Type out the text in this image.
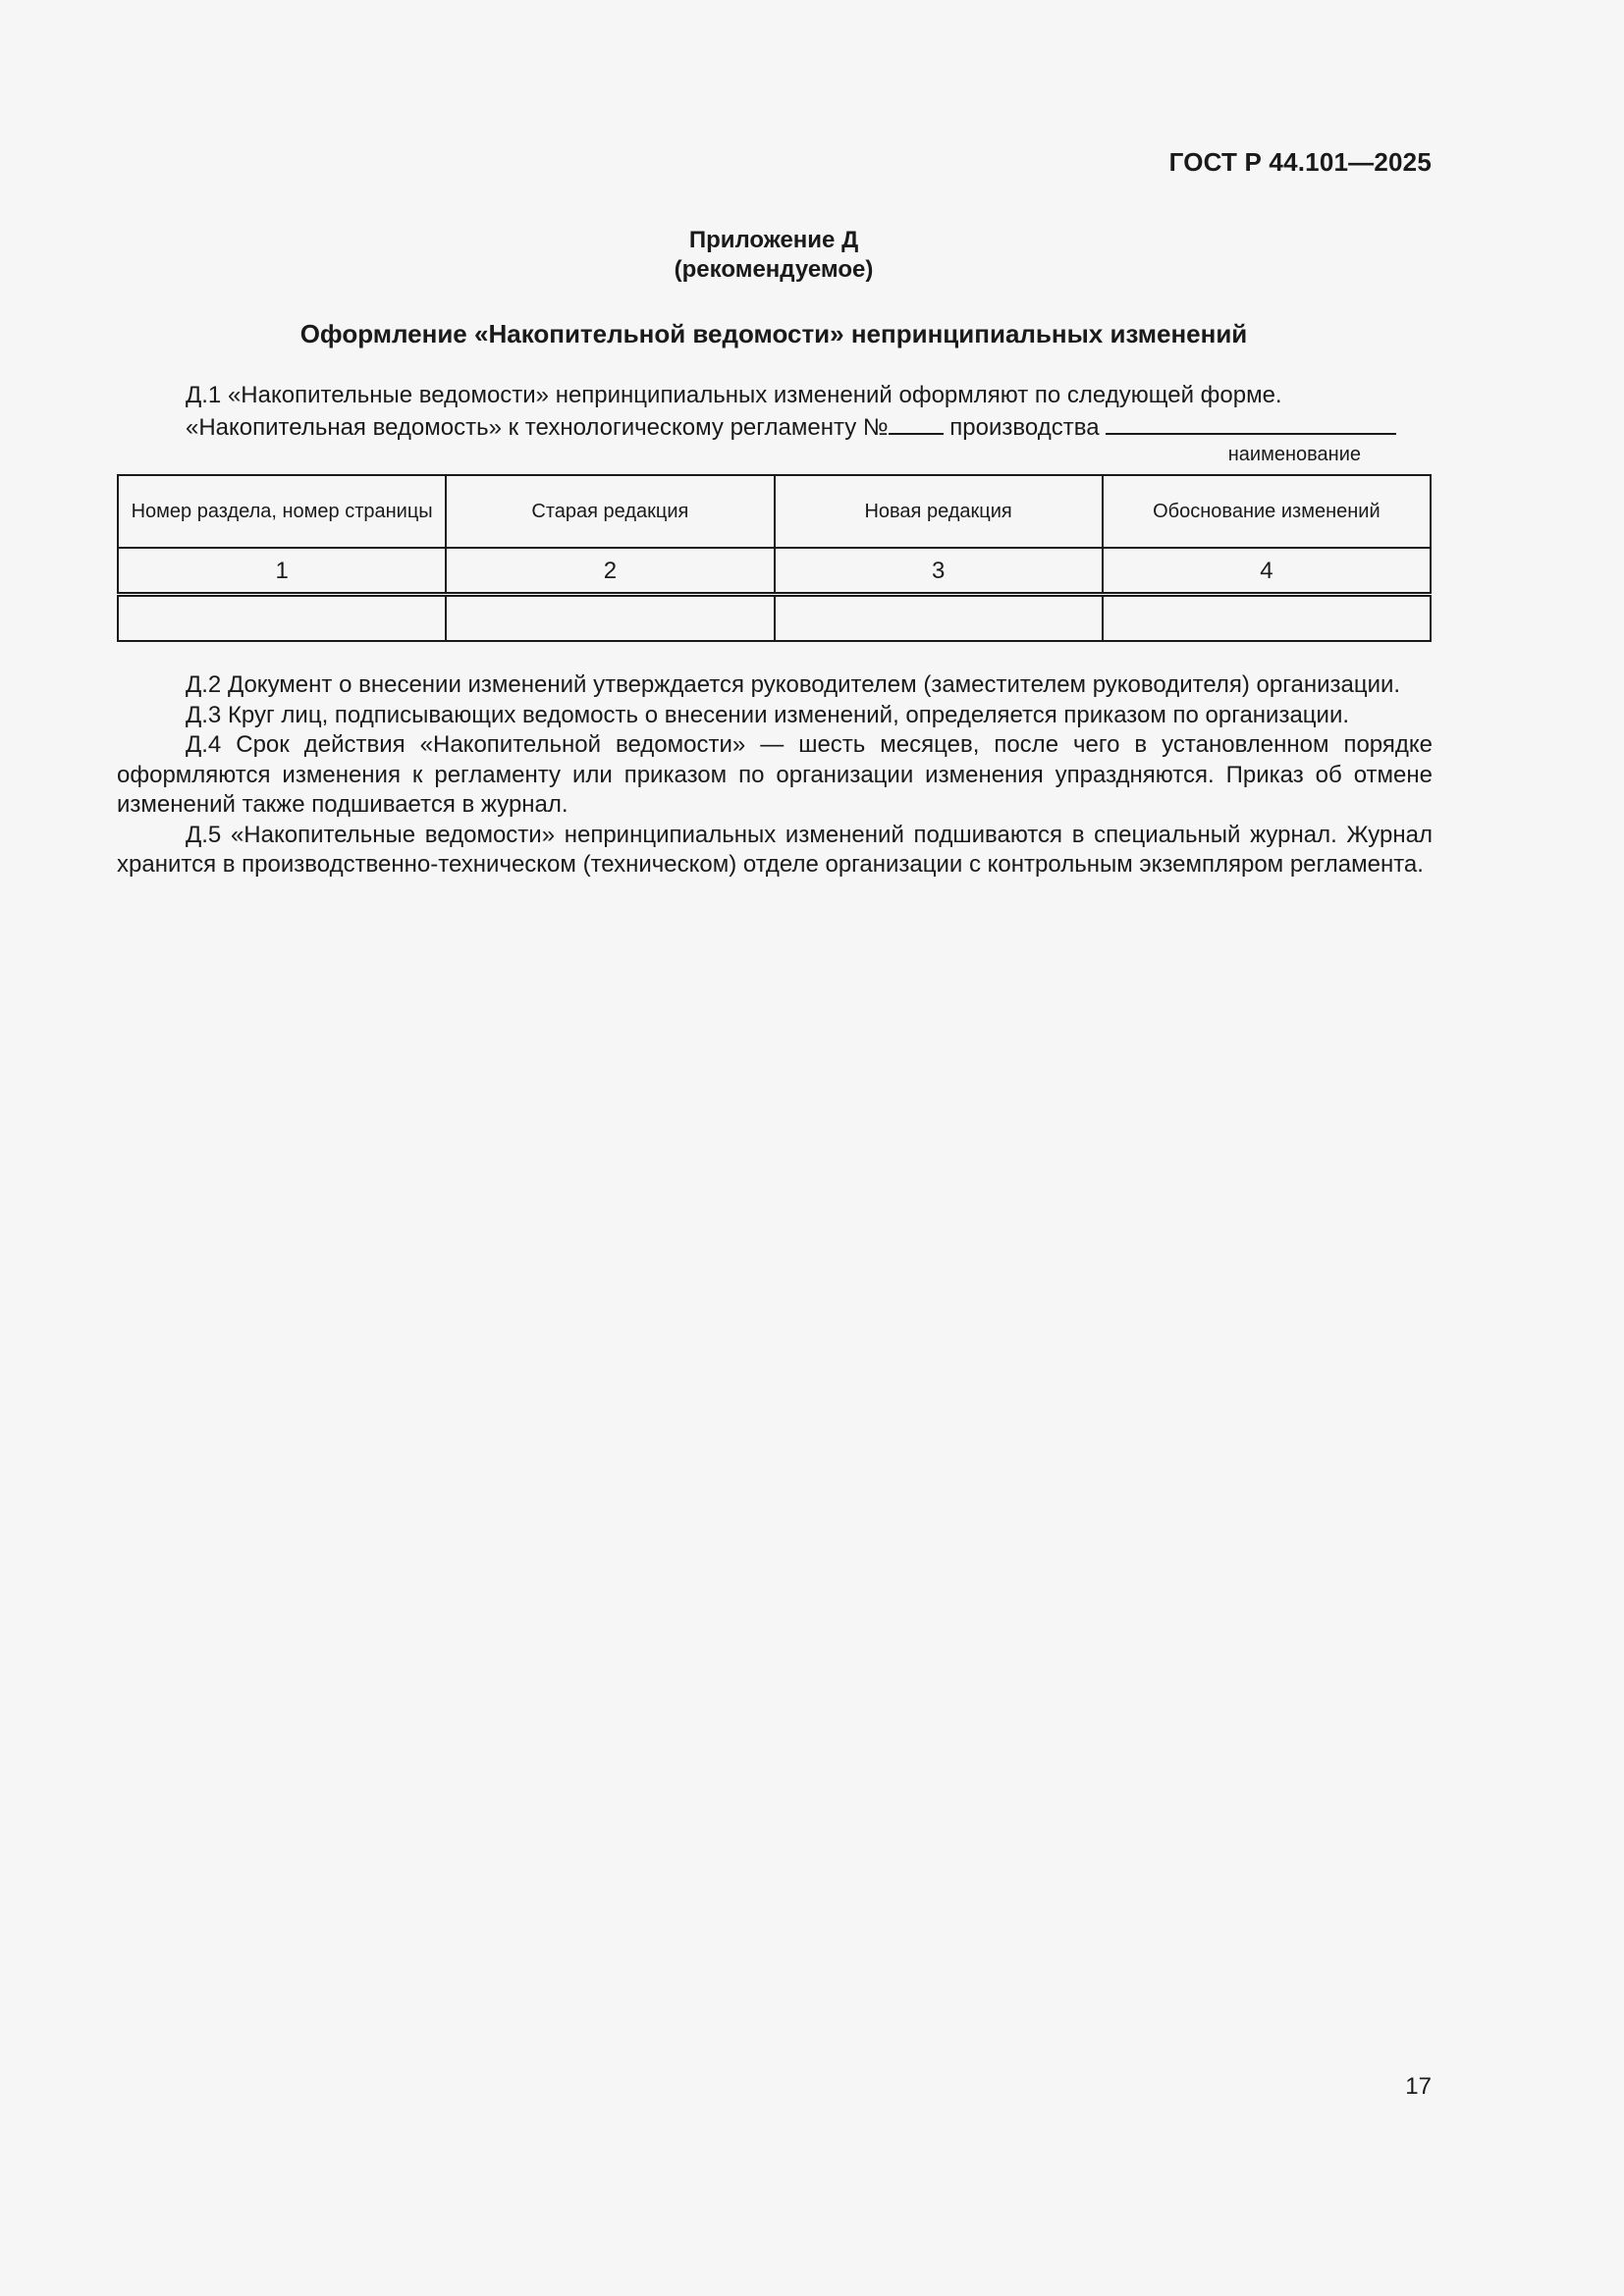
ГОСТ Р 44.101—2025
Приложение Д
(рекомендуемое)
Оформление «Накопительной ведомости» непринципиальных изменений

Д.1 «Накопительные ведомости» непринципиальных изменений оформляют по следующей форме.

«Накопительная ведомость» к технологическому регламенту № производства

наименование
Номер раздела, номер страницы	Старая редакция	Новая редакция	Обоснование изменений
1	2	3	4

Д.2 Документ о внесении изменений утверждается руководителем (заместителем руководителя) организации.

Д.3 Круг лиц, подписывающих ведомость о внесении изменений, определяется приказом по организации.

Д.4 Срок действия «Накопительной ведомости» — шесть месяцев, после чего в установленном порядке оформляются изменения к регламенту или приказом по организации изменения упраздняются. Приказ об отмене изменений также подшивается в журнал.

Д.5 «Накопительные ведомости» непринципиальных изменений подшиваются в специальный журнал. Журнал хранится в производственно-техническом (техническом) отделе организации с контрольным экземпляром регламента.

17
